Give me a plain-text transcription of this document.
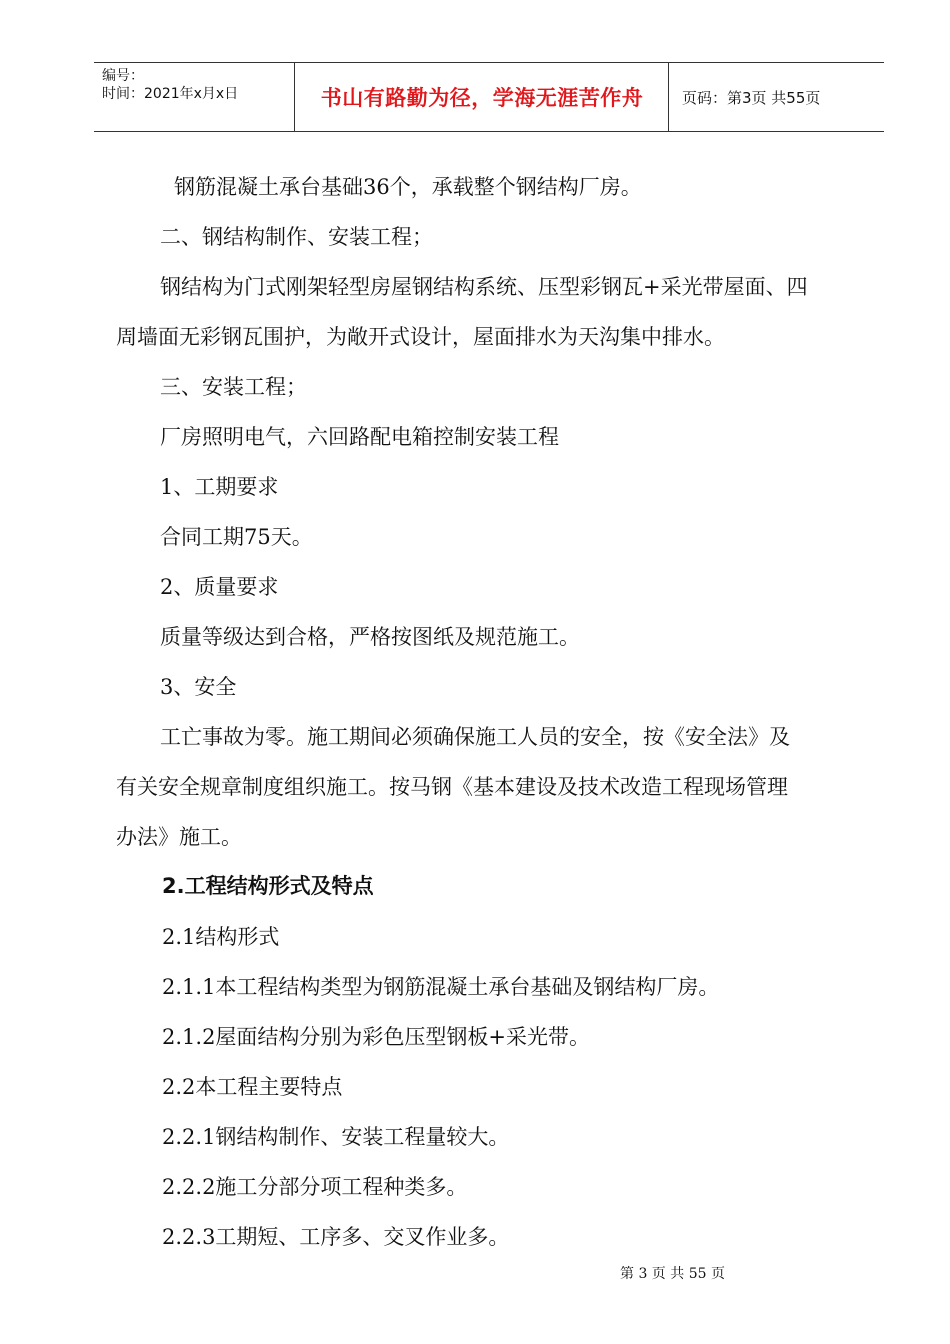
编号：
时间：2021年x月x日	书山有路勤为径，学海无涯苦作舟	页码：第3页 共55页
钢筋混凝土承台基础36个，承载整个钢结构厂房。
二、钢结构制作、安装工程；
钢结构为门式刚架轻型房屋钢结构系统、压型彩钢瓦+采光带屋面、四
周墙面无彩钢瓦围护，为敞开式设计，屋面排水为天沟集中排水。
三、安装工程；
厂房照明电气，六回路配电箱控制安装工程
1、工期要求
合同工期75天。
2、质量要求
质量等级达到合格，严格按图纸及规范施工。
3、安全
工亡事故为零。施工期间必须确保施工人员的安全，按《安全法》及
有关安全规章制度组织施工。按马钢《基本建设及技术改造工程现场管理
办法》施工。
2.工程结构形式及特点
2.1结构形式
2.1.1本工程结构类型为钢筋混凝土承台基础及钢结构厂房。
2.1.2屋面结构分别为彩色压型钢板+采光带。
2.2本工程主要特点
2.2.1钢结构制作、安装工程量较大。
2.2.2施工分部分项工程种类多。
2.2.3工期短、工序多、交叉作业多。
第 3 页 共 55 页
